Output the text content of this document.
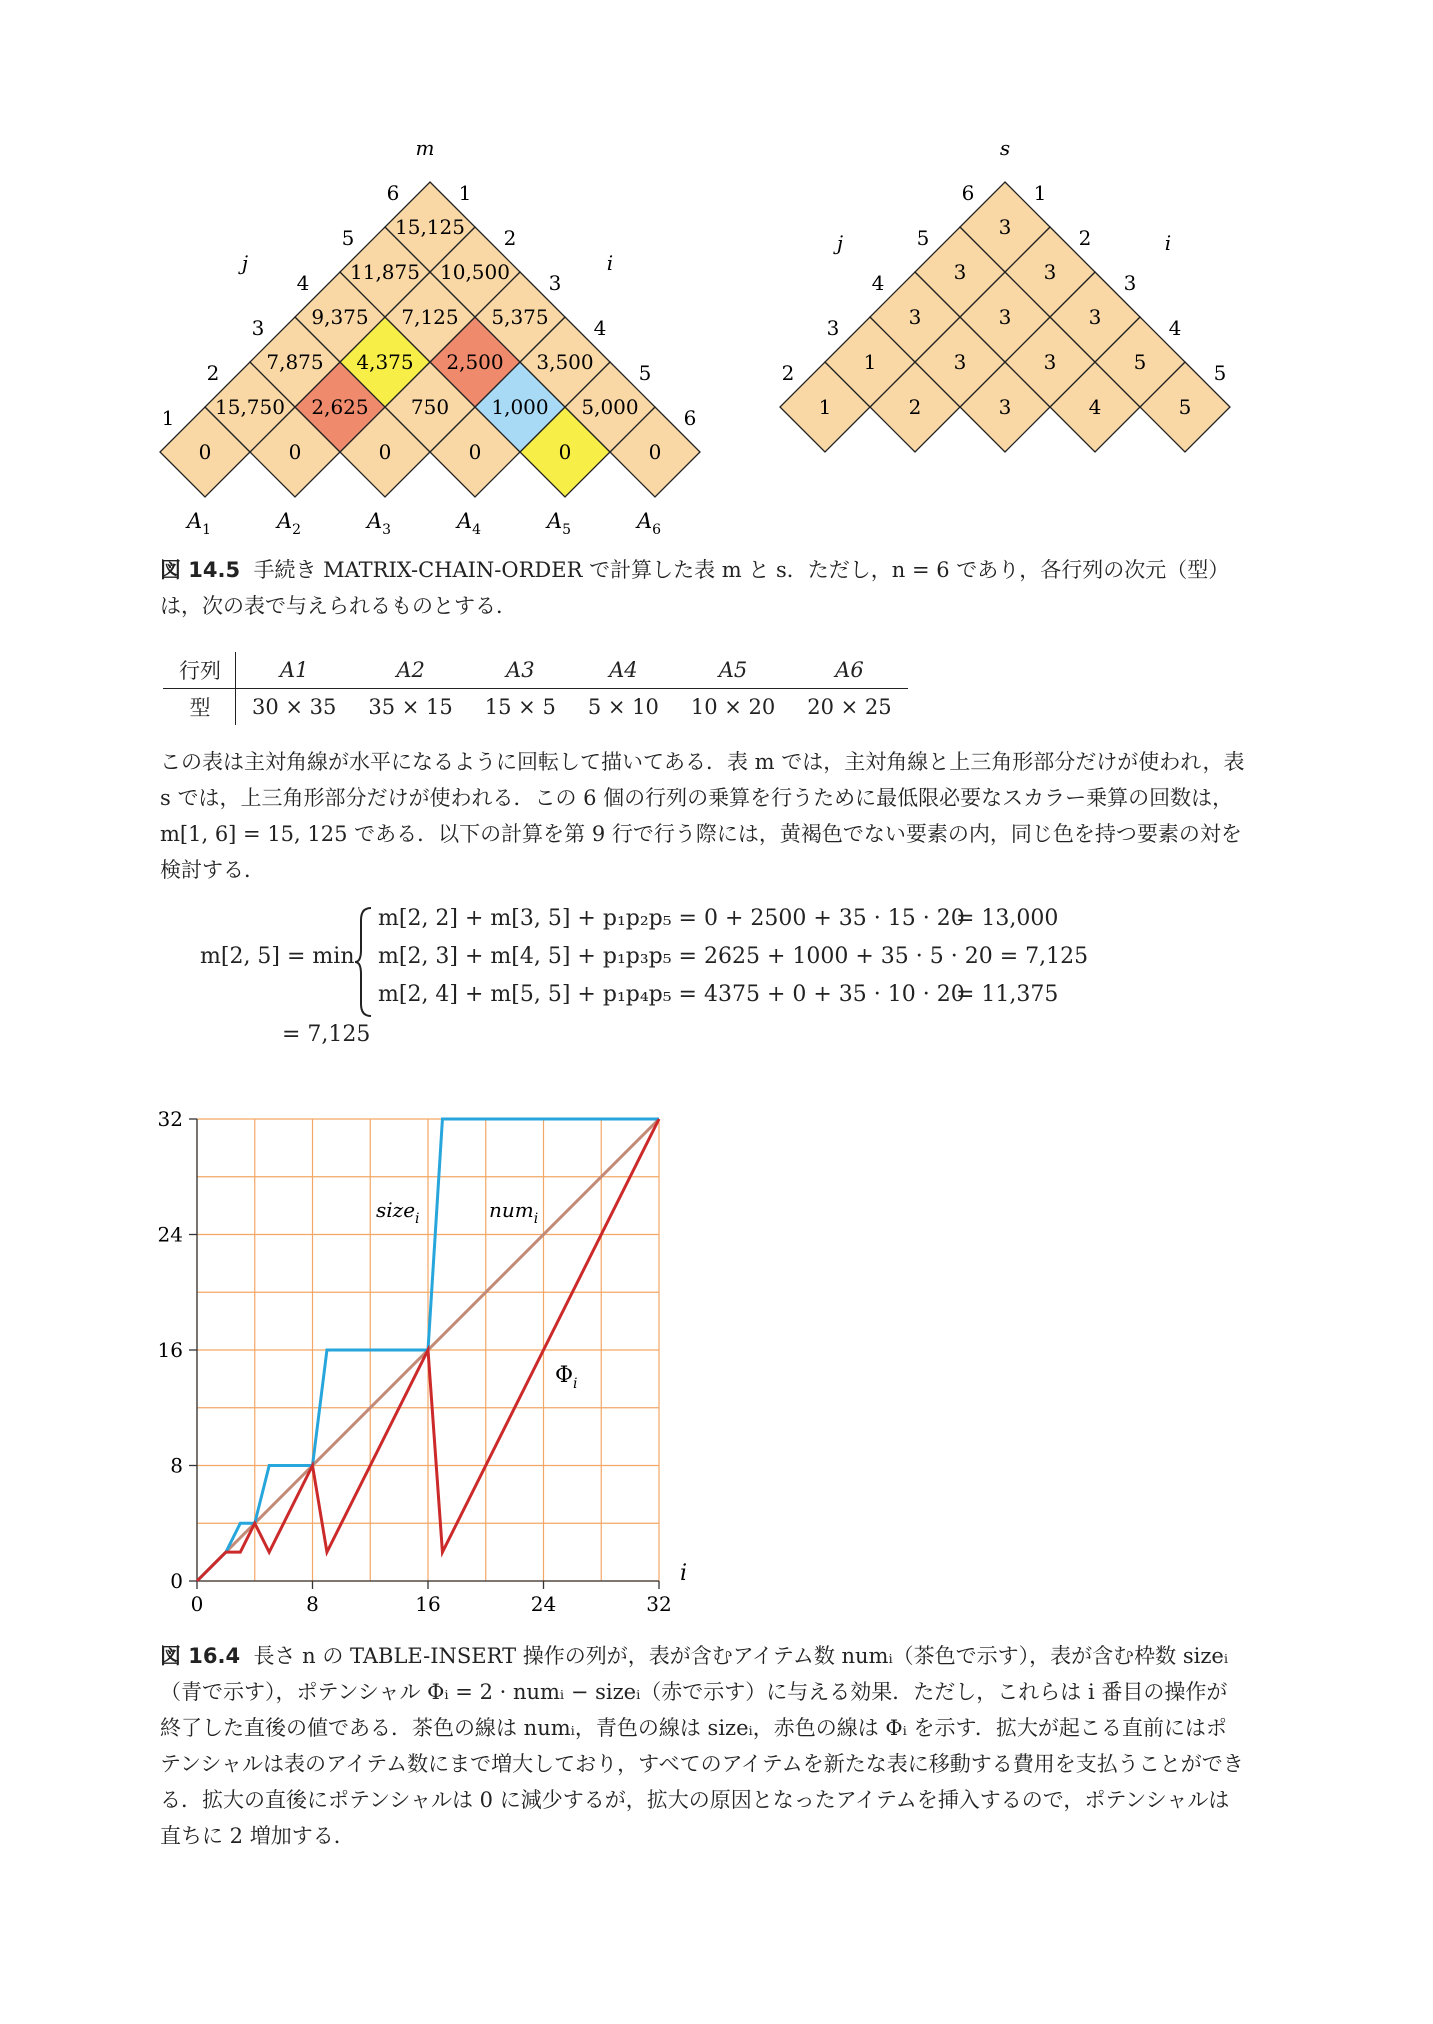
0	0	0	0	0	0
15,750 2,625 750 1,000 5,000
7,875 4,375 2,500 3,500
9,375 7,125 5,375
11,875 10,500
15,125
m
1
2
3
4
5
6	1
2
3
4
5
6
j	i
$A_1$	$A_2$	$A_3$	$A_4$	$A_5$	$A_6$
1	2	3	4	5
1	3	3	5
3	3	3
3	3
3
s
2
3
4
5
6	1
2
3
4
5
j	i
図 14.5 手続き MATRIX-CHAIN-ORDER で計算した表 m と s．ただし，n = 6 であり，各行列の次元（型）は，次の表で与えられるものとする．
行列	A1	A2	A3	A4	A5	A6
型	30 × 35	35 × 15	15 × 5	5 × 10	10 × 20	20 × 25
この表は主対角線が水平になるように回転して描いてある．表 m では，主対角線と上三角形部分だけが使われ，表 s では，上三角形部分だけが使われる．この 6 個の行列の乗算を行うために最低限必要なスカラー乗算の回数は，m[1, 6] = 15, 125 である．以下の計算を第 9 行で行う際には，黄褐色でない要素の内，同じ色を持つ要素の対を検討する．
m[2, 5] = min
m[2, 2] + m[3, 5] + p₁p₂p₅ = 0 + 2500 + 35 · 15 · 20
= 13,000
m[2, 3] + m[4, 5] + p₁p₃p₅ = 2625 + 1000 + 35 · 5 · 20 = 7,125
m[2, 4] + m[5, 5] + p₁p₄p₅ = 4375 + 0 + 35 · 10 · 20
= 11,375
= 7,125
0	8	16	24	32
0
8
16
24
32
i
size$_i$	num$_i$
$\Phi_i$
図 16.4 長さ n の TABLE-INSERT 操作の列が，表が含むアイテム数 numᵢ（茶色で示す），表が含む枠数 sizeᵢ（青で示す），ポテンシャル Φᵢ = 2 · numᵢ − sizeᵢ（赤で示す）に与える効果．ただし，これらは i 番目の操作が終了した直後の値である．茶色の線は numᵢ，青色の線は sizeᵢ，赤色の線は Φᵢ を示す．拡大が起こる直前にはポテンシャルは表のアイテム数にまで増大しており，すべてのアイテムを新たな表に移動する費用を支払うことができる．拡大の直後にポテンシャルは 0 に減少するが，拡大の原因となったアイテムを挿入するので，ポテンシャルは直ちに 2 増加する．
